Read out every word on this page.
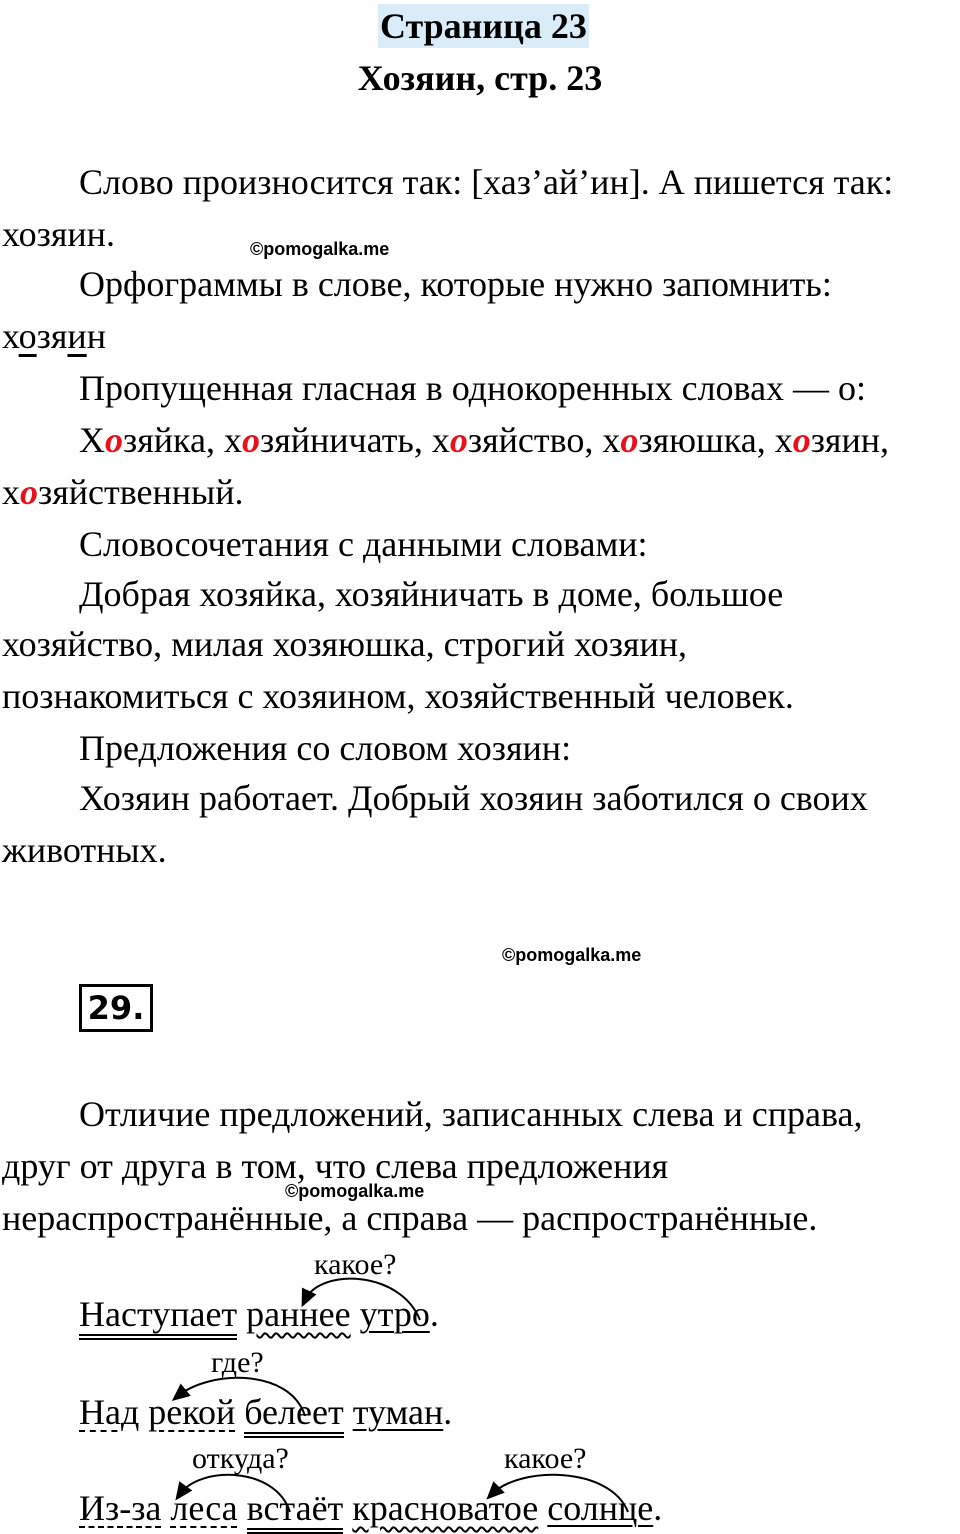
Страница 23
Хозяин, стр. 23
Слово произносится так: [хаз’ай’ин]. А пишется так:
хозяин.	©pomogalka.me
Орфограммы в слове, которые нужно запомнить:
хозяин
Пропущенная гласная в однокоренных словах — о:
Хозяйка, хозяйничать, хозяйство, хозяюшка, хозяин,
хозяйственный.
Словосочетания с данными словами:
Добрая хозяйка, хозяйничать в доме, большое
хозяйство, милая хозяюшка, строгий хозяин,
познакомиться с хозяином, хозяйственный человек.
Предложения со словом хозяин:
Хозяин работает. Добрый хозяин заботился о своих
животных.
©pomogalka.me
29.
Отличие предложений, записанных слева и справа,
друг от друга в том, что слева предложения
©pomogalka.me
нераспространённые, а справа — распространённые.
какое?
Наступает раннее утро.
где?
Над рекой белеет туман.
откуда?	какое?
Из-за леса встаёт красноватое солнце.
